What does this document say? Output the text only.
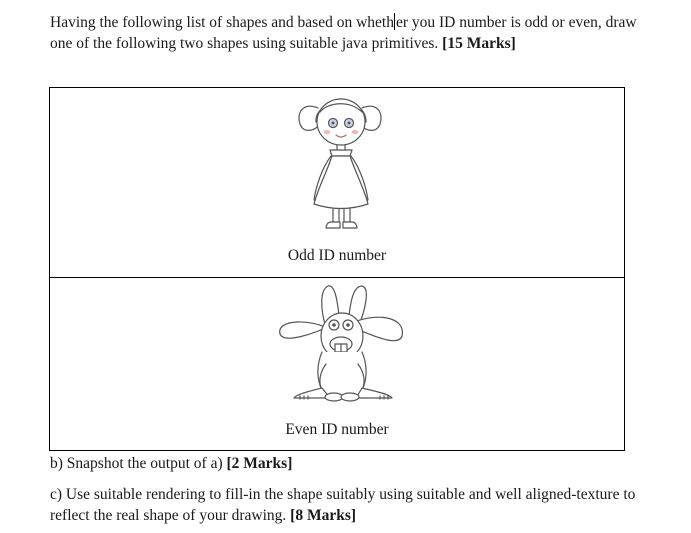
Having the following list of shapes and based on wheth er you ID number is odd or even, draw one of the following two shapes using suitable java primitives. [15 Marks]

Odd ID number
Even ID number

b) Snapshot the output of a) [2 Marks]

c) Use suitable rendering to fill-in the shape suitably using suitable and well aligned-texture to reflect the real shape of your drawing. [8 Marks]
